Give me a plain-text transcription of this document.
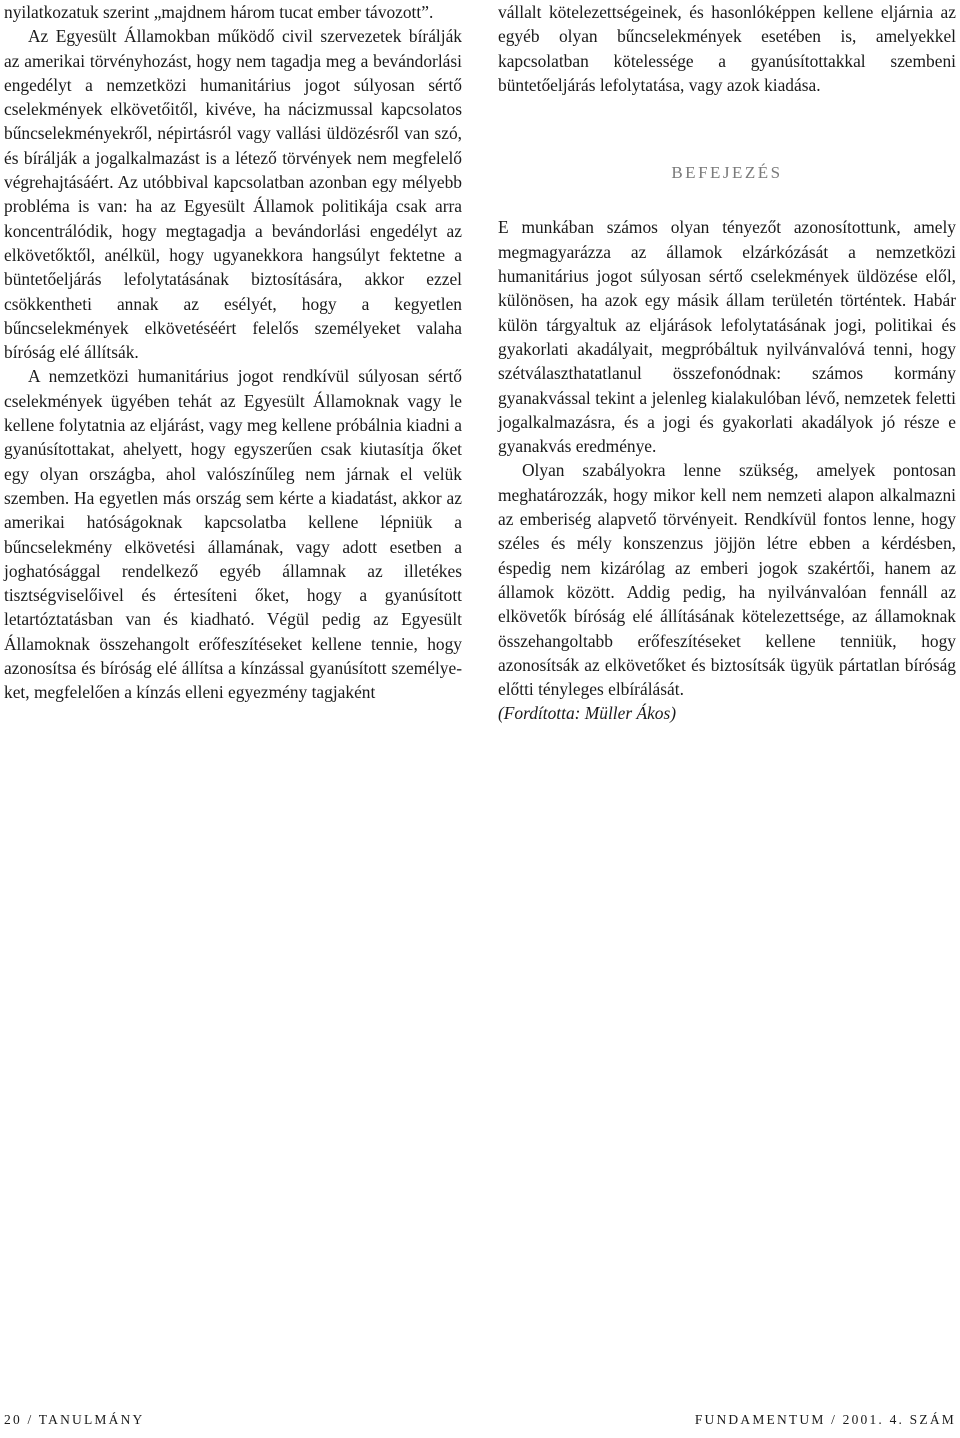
nyilatkozatuk szerint „majdnem három tucat ember távozott”.

Az Egyesült Államokban működő civil szervezetek bírálják az amerikai törvényhozást, hogy nem tagadja meg a bevándorlási engedélyt a nemzetközi humanitárius jogot súlyosan sértő cselekmények elkövetőitől, kivéve, ha nácizmussal kapcsolatos bűncselekményekről, népirtásról vagy vallási üldözésről van szó, és bírálják a jogalkalmazást is a létező törvények nem megfelelő végrehajtásáért. Az utóbbival kapcsolatban azonban egy mélyebb probléma is van: ha az Egyesült Államok politikája csak arra koncentrálódik, hogy megtagadja a bevándorlási engedélyt az elkövetőktől, anélkül, hogy ugyanekkora hangsúlyt fektetne a büntetőeljárás lefolytatásának biztosítására, akkor ezzel csökkentheti annak az esélyét, hogy a kegyetlen bűncselekmények elkövetéséért felelős személyeket valaha bíróság elé állítsák.

A nemzetközi humanitárius jogot rendkívül súlyosan sértő cselekmények ügyében tehát az Egyesült Államoknak vagy le kellene folytatnia az eljárást, vagy meg kellene próbálnia kiadni a gyanúsítottakat, ahelyett, hogy egyszerűen csak kiutasítja őket egy olyan országba, ahol valószínűleg nem járnak el velük szemben. Ha egyetlen más ország sem kérte a kiadatást, akkor az amerikai hatóságoknak kapcsolatba kellene lépniük a bűncselekmény elkövetési államának, vagy adott esetben a joghatósággal rendelkező egyéb államnak az illetékes tisztségviselőivel és értesíteni őket, hogy a gyanúsított letartóztatásban van és kiadható. Végül pedig az Egyesült Államoknak összehangolt erőfeszítéseket kellene tennie, hogy azonosítsa és bíróság elé állítsa a kínzással gyanúsított személyeket, megfelelően a kínzás elleni egyezmény tagjaként

vállalt kötelezettségeinek, és hasonlóképpen kellene eljárnia az egyéb olyan bűncselekmények esetében is, amelyekkel kapcsolatban kötelessége a gyanúsítottakkal szembeni büntetőeljárás lefolytatása, vagy azok kiadása.

BEFEJEZÉS

E munkában számos olyan tényezőt azonosítottunk, amely megmagyarázza az államok elzárkózását a nemzetközi humanitárius jogot súlyosan sértő cselekmények üldözése elől, különösen, ha azok egy másik állam területén történtek. Habár külön tárgyaltuk az eljárások lefolytatásának jogi, politikai és gyakorlati akadályait, megpróbáltuk nyilvánvalóvá tenni, hogy szétválaszthatatlanul összefonódnak: számos kormány gyanakvással tekint a jelenleg kialakulóban lévő, nemzetek feletti jogalkalmazásra, és a jogi és gyakorlati akadályok jó része e gyanakvás eredménye.

Olyan szabályokra lenne szükség, amelyek pontosan meghatározzák, hogy mikor kell nem nemzeti alapon alkalmazni az emberiség alapvető törvényeit. Rendkívül fontos lenne, hogy széles és mély konszenzus jöjjön létre ebben a kérdésben, éspedig nem kizárólag az emberi jogok szakértői, hanem az államok között. Addig pedig, ha nyilvánvalóan fennáll az elkövetők bíróság elé állításának kötelezettsége, az államoknak összehangoltabb erőfeszítéseket kellene tenniük, hogy azonosítsák az elkövetőket és biztosítsák ügyük pártatlan bíróság előtti tényleges elbírálását.

(Fordította: Müller Ákos)

20 / TANULMÁNY	FUNDAMENTUM / 2001. 4. SZÁM
